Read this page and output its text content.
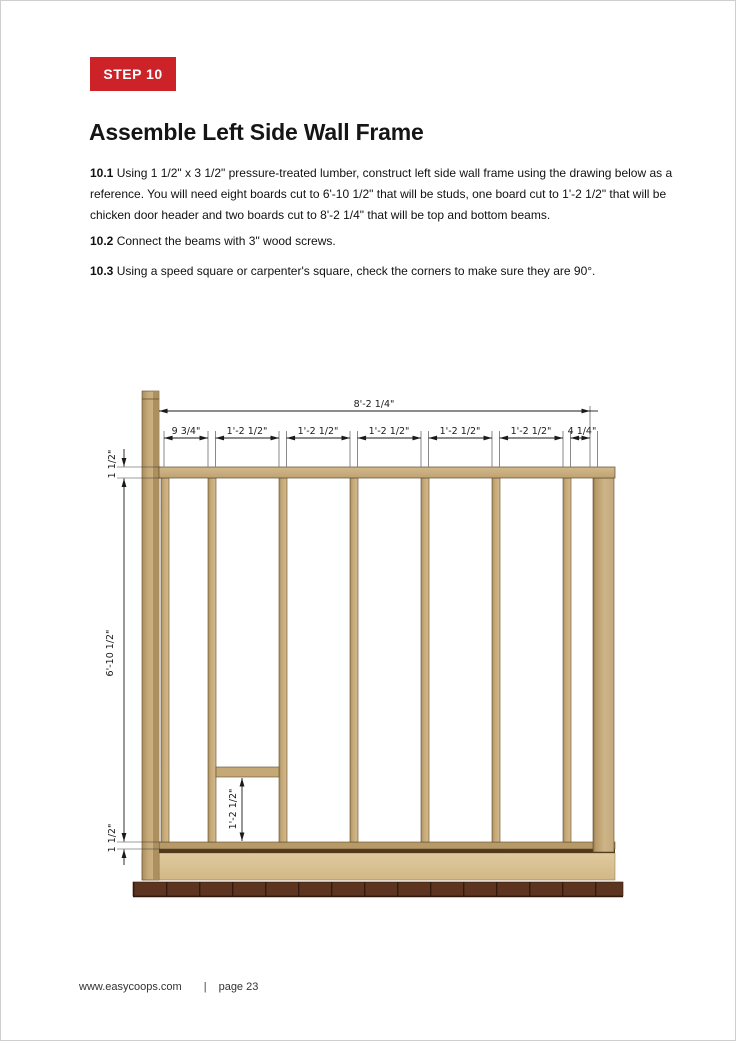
STEP 10
Assemble Left Side Wall Frame

10.1 Using 1 1/2" x 3 1/2" pressure-treated lumber, construct left side wall frame using the drawing below as a reference. You will need eight boards cut to 6'-10 1/2" that will be studs, one board cut to 1'-2 1/2" that will be chicken door header and two boards cut to 8'-2 1/4" that will be top and bottom beams.

10.2 Connect the beams with 3" wood screws.

10.3 Using a speed square or carpenter's square, check the corners to make sure they are 90°.

8'-2 1/4"
9 3/4"	1'-2 1/2"	1'-2 1/2"	1'-2 1/2"	1'-2 1/2"	1'-2 1/2" 4 1/4"
1 1/2"
6'-10 1/2"
1 1/2"
1'-2 1/2"
www.easycoops.com | page 23
